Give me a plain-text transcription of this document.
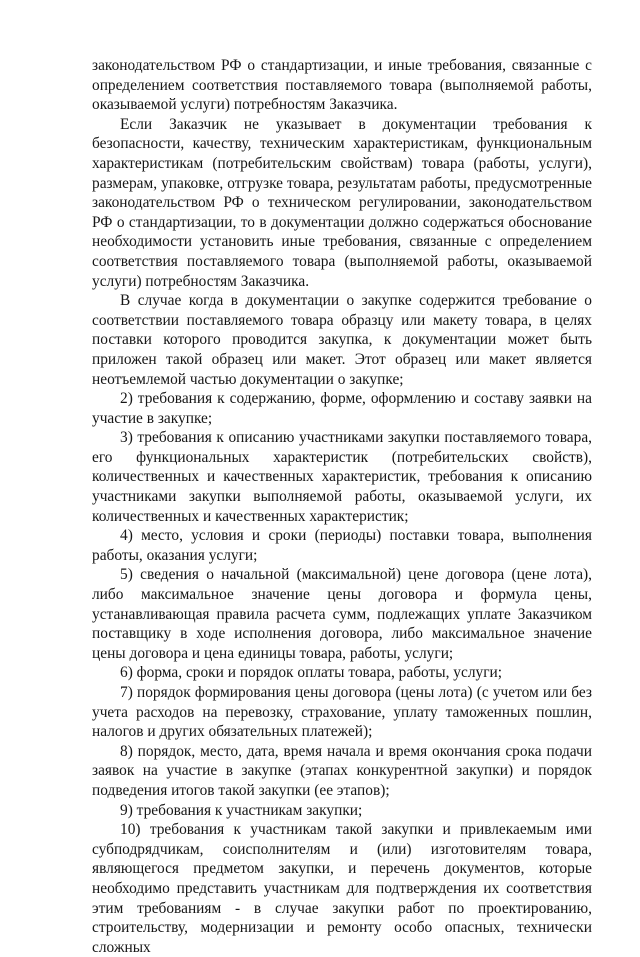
законодательством РФ о стандартизации, и иные требования, связанные с определением соответствия поставляемого товара (выполняемой работы, оказываемой услуги) потребностям Заказчика.

Если Заказчик не указывает в документации требования к безопасности, качеству, техническим характеристикам, функциональным характеристикам (потребительским свойствам) товара (работы, услуги), размерам, упаковке, отгрузке товара, результатам работы, предусмотренные законодательством РФ о техническом регулировании, законодательством РФ о стандартизации, то в документации должно содержаться обоснование необходимости установить иные требования, связанные с определением соответствия поставляемого товара (выполняемой работы, оказываемой услуги) потребностям Заказчика.

В случае когда в документации о закупке содержится требование о соответствии поставляемого товара образцу или макету товара, в целях поставки которого проводится закупка, к документации может быть приложен такой образец или макет. Этот образец или макет является неотъемлемой частью документации о закупке;

2) требования к содержанию, форме, оформлению и составу заявки на участие в закупке;

3) требования к описанию участниками закупки поставляемого товара, его функциональных характеристик (потребительских свойств), количественных и качественных характеристик, требования к описанию участниками закупки выполняемой работы, оказываемой услуги, их количественных и качественных характеристик;

4) место, условия и сроки (периоды) поставки товара, выполнения работы, оказания услуги;

5) сведения о начальной (максимальной) цене договора (цене лота), либо максимальное значение цены договора и формула цены, устанавливающая правила расчета сумм, подлежащих уплате Заказчиком поставщику в ходе исполнения договора, либо максимальное значение цены договора и цена единицы товара, работы, услуги;

6) форма, сроки и порядок оплаты товара, работы, услуги;

7) порядок формирования цены договора (цены лота) (с учетом или без учета расходов на перевозку, страхование, уплату таможенных пошлин, налогов и других обязательных платежей);

8) порядок, место, дата, время начала и время окончания срока подачи заявок на участие в закупке (этапах конкурентной закупки) и порядок подведения итогов такой закупки (ее этапов);

9) требования к участникам закупки;

10) требования к участникам такой закупки и привлекаемым ими субподрядчикам, соисполнителям и (или) изготовителям товара, являющегося предметом закупки, и перечень документов, которые необходимо представить участникам для подтверждения их соответствия этим требованиям - в случае закупки работ по проектированию, строительству, модернизации и ремонту особо опасных, технически сложных
